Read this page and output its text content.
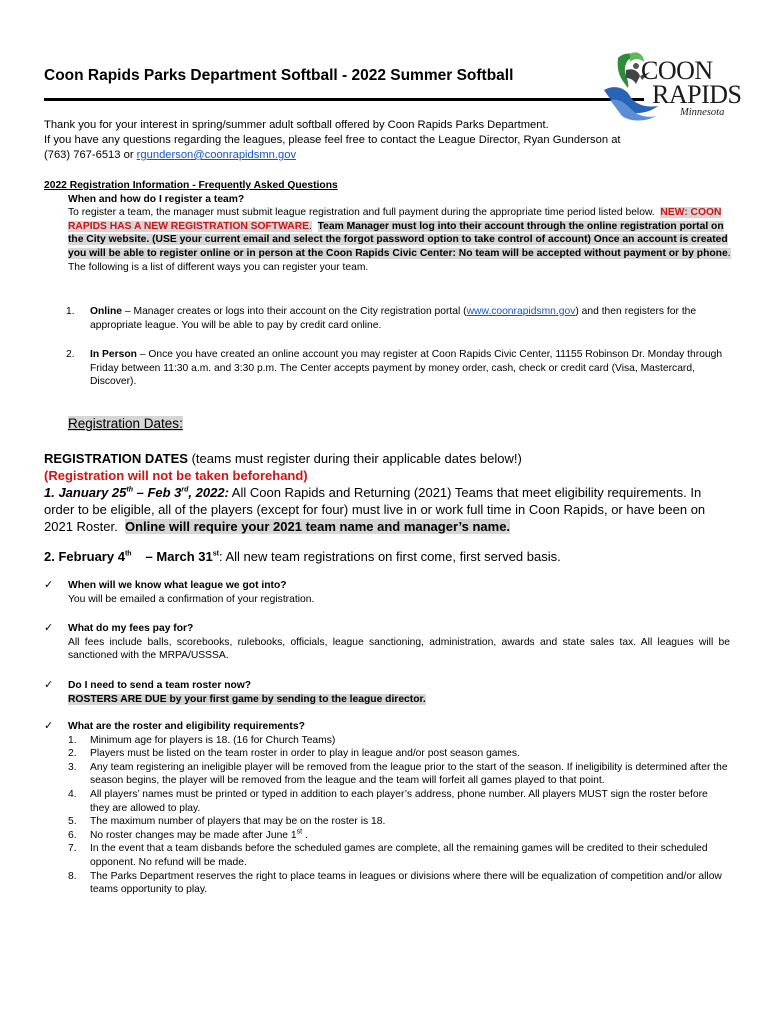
Coon Rapids Parks Department Softball - 2022 Summer Softball	COON
RAPIDS
Minnesota
Thank you for your interest in spring/summer adult softball offered by Coon Rapids Parks Department.
If you have any questions regarding the leagues, please feel free to contact the League Director, Ryan Gunderson at
(763) 767-6513 or rgunderson@coonrapidsmn.gov
2022 Registration Information - Frequently Asked Questions
When and how do I register a team?
To register a team, the manager must submit league registration and full payment during the appropriate time period listed below. NEW: COON RAPIDS HAS A NEW REGISTRATION SOFTWARE. Team Manager must log into their account through the online registration portal on the City website. (USE your current email and select the forgot password option to take control of account) Once an account is created you will be able to register online or in person at the Coon Rapids Civic Center: No team will be accepted without payment or by phone.  The following is a list of different ways you can register your team.
1.	Online – Manager creates or logs into their account on the City registration portal (www.coonrapidsmn.gov) and then registers for the appropriate league. You will be able to pay by credit card online.
2.	In Person – Once you have created an online account you may register at Coon Rapids Civic Center, 11155 Robinson Dr. Monday through Friday between 11:30 a.m. and 3:30 p.m. The Center accepts payment by money order, cash, check or credit card (Visa, Mastercard, Discover).
Registration Dates:
REGISTRATION DATES (teams must register during their applicable dates below!)
(Registration will not be taken beforehand)
1. January 25th – Feb 3rd, 2022: All Coon Rapids and Returning (2021) Teams that meet eligibility requirements. In order to be eligible, all of the players (except for four) must live in or work full time in Coon Rapids, or have been on 2021 Roster. Online will require your 2021 team name and manager’s name.
2. February 4th – March 31st: All new team registrations on first come, first served basis.
✓ When will we know what league we got into?
You will be emailed a confirmation of your registration.
✓ What do my fees pay for?
All fees include balls, scorebooks, rulebooks, officials, league sanctioning, administration, awards and state sales tax. All leagues will be sanctioned with the MRPA/USSSA.
✓ Do I need to send a team roster now?
ROSTERS ARE DUE by your first game by sending to the league director.
✓ What are the roster and eligibility requirements?
1. Minimum age for players is 18. (16 for Church Teams)
2. Players must be listed on the team roster in order to play in league and/or post season games.
3. Any team registering an ineligible player will be removed from the league prior to the start of the season. If ineligibility is determined after the season begins, the player will be removed from the league and the team will forfeit all games played to that point.
4. All players’ names must be printed or typed in addition to each player’s address, phone number. All players MUST sign the roster before they are allowed to play.
5. The maximum number of players that may be on the roster is 18.
6. No roster changes may be made after June 1st .
7. In the event that a team disbands before the scheduled games are complete, all the remaining games will be credited to their scheduled opponent. No refund will be made.
8. The Parks Department reserves the right to place teams in leagues or divisions where there will be equalization of competition and/or allow teams opportunity to play.
